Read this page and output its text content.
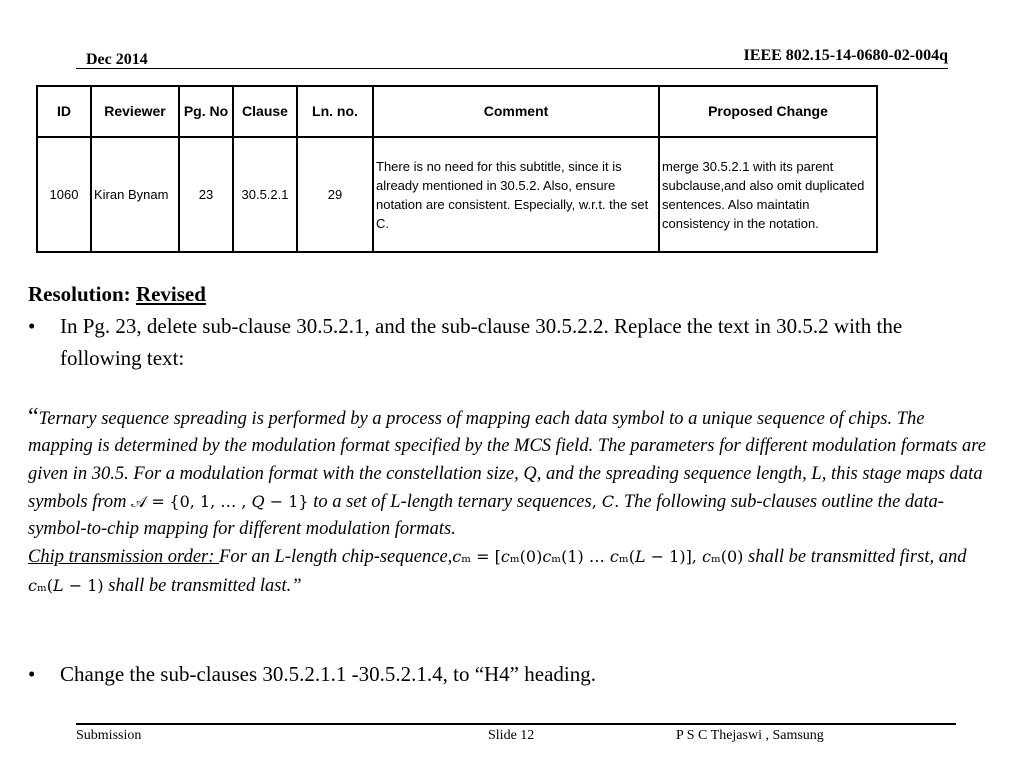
Dec 2014	IEEE 802.15-14-0680-02-004q
ID	Reviewer	Pg. No	Clause	Ln. no.	Comment	Proposed Change
1060	Kiran Bynam	23	30.5.2.1	29	There is no need for this subtitle, since it is already mentioned in 30.5.2. Also, ensure notation are consistent. Especially, w.r.t. the set C.	merge 30.5.2.1 with its parent subclause,and also omit duplicated sentences. Also maintatin consistency in the notation.
Resolution: Revised
• In Pg. 23, delete sub-clause 30.5.2.1, and the sub-clause 30.5.2.2. Replace the text in 30.5.2 with the following text:
“Ternary sequence spreading is performed by a process of mapping each data symbol to a unique sequence of chips. The mapping is determined by the modulation format specified by the MCS field. The parameters for different modulation formats are given in 30.5. For a modulation format with the constellation size, Q, and the spreading sequence length, L, this stage maps data symbols from 𝒜 = {0, 1, … , 𝑄 − 1} to a set of L-length ternary sequences, 𝐶. The following sub-clauses outline the data-symbol-to-chip mapping for different modulation formats.
Chip transmission order: For an L-length chip-sequence,𝑐ₘ = [𝑐ₘ(0)𝑐ₘ(1) … 𝑐ₘ(𝐿 − 1)], 𝑐ₘ(0) shall be transmitted first, and 𝑐ₘ(𝐿 − 1) shall be transmitted last.”
• Change the sub-clauses 30.5.2.1.1 -30.5.2.1.4, to “H4” heading.
Submission	Slide 12	P S C Thejaswi , Samsung
